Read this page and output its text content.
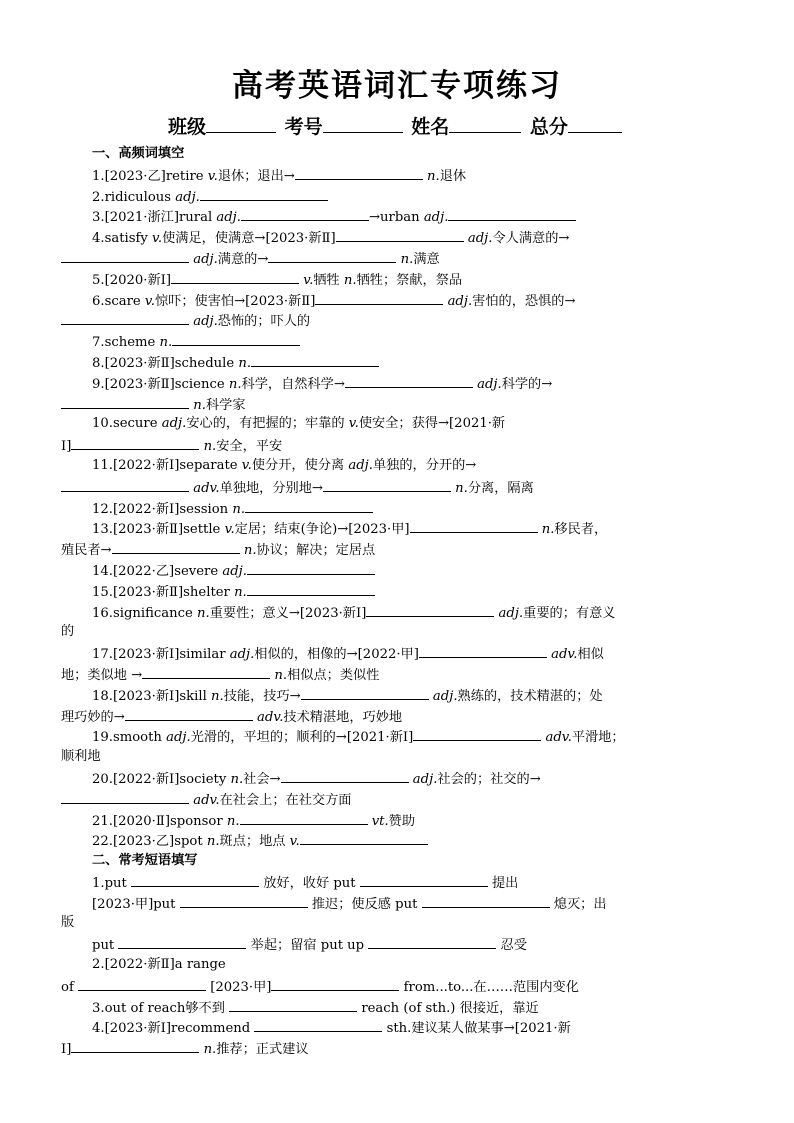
高考英语词汇专项练习
班级	考号	姓名	总分
一、高频词填空
1.[2023·乙]retire v.退休；退出→	n.退休
2.ridiculous adj.
3.[2021·浙江]rural adj.	→urban adj.
4.satisfy v.使满足，使满意→[2023·新Ⅱ]	adj.令人满意的→
adj.满意的→	n.满意
5.[2020·新Ⅰ]	v.牺牲 n.牺牲；祭献，祭品
6.scare v.惊吓；使害怕→[2023·新Ⅱ]	adj.害怕的，恐惧的→
adj.恐怖的；吓人的
7.scheme n.
8.[2023·新Ⅱ]schedule n.
9.[2023·新Ⅱ]science n.科学，自然科学→	adj.科学的→
n.科学家
10.secure adj.安心的，有把握的；牢靠的 v.使安全；获得→[2021·新
Ⅰ]	n.安全，平安
11.[2022·新Ⅰ]separate v.使分开，使分离 adj.单独的，分开的→
adv.单独地，分别地→	n.分离，隔离
12.[2022·新Ⅰ]session n.
13.[2023·新Ⅱ]settle v.定居；结束(争论)→[2023·甲]	n.移民者，
殖民者→	n.协议；解决；定居点
14.[2022·乙]severe adj.
15.[2023·新Ⅱ]shelter n.
16.significance n.重要性；意义→[2023·新Ⅰ]	adj.重要的；有意义
的
17.[2023·新Ⅰ]similar adj.相似的，相像的→[2022·甲]	adv.相似
地；类似地 →	n.相似点；类似性
18.[2023·新Ⅰ]skill n.技能，技巧→	adj.熟练的，技术精湛的；处
理巧妙的→	adv.技术精湛地，巧妙地
19.smooth adj.光滑的，平坦的；顺利的→[2021·新Ⅰ]	adv.平滑地；
顺利地
20.[2022·新Ⅰ]society n.社会→	adj.社会的；社交的→
adv.在社会上；在社交方面
21.[2020·Ⅱ]sponsor n.	vt.赞助
22.[2023·乙]spot n.斑点；地点 v.
二、常考短语填写
1.put	放好，收好 put	提出
[2023·甲]put	推迟；使反感 put	熄灭；出
版
put	举起；留宿 put up	忍受
2.[2022·新Ⅱ]a range
of	[2023·甲]	from...to...在……范围内变化
3.out of reach够不到	reach (of sth.) 很接近，靠近
4.[2023·新Ⅰ]recommend	sth.建议某人做某事→[2021·新
Ⅰ]	n.推荐；正式建议
